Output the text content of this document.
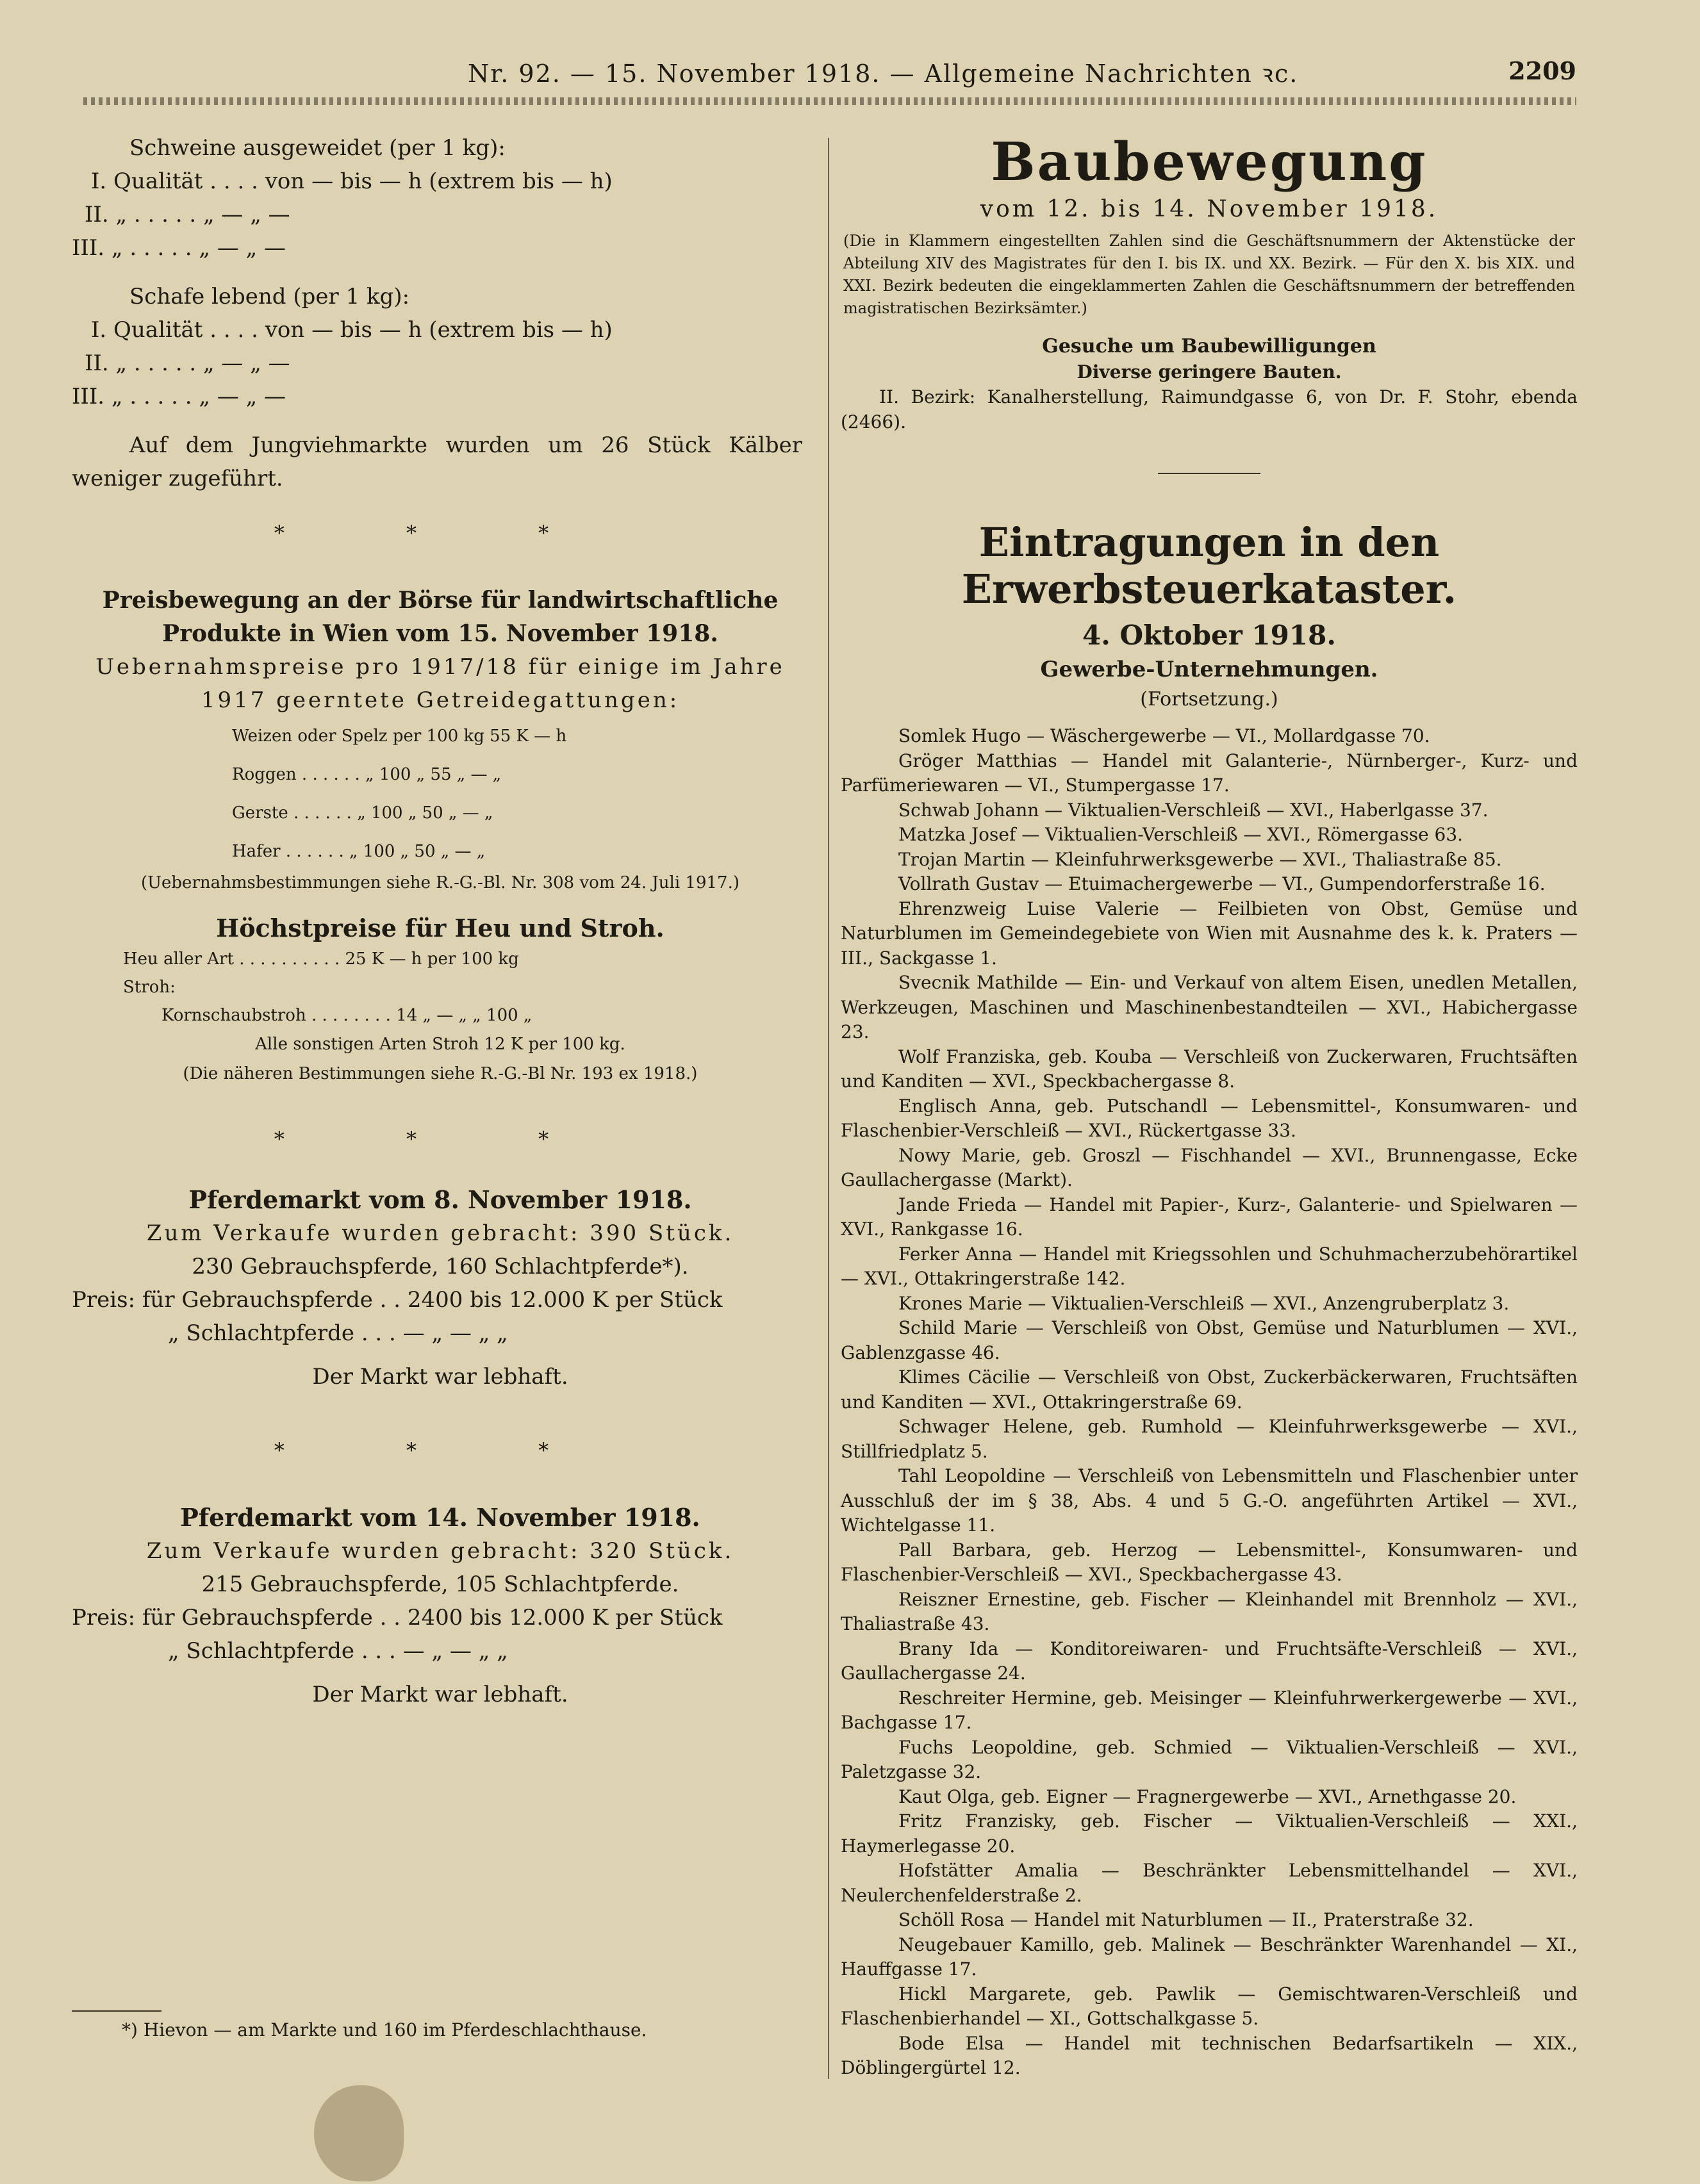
Nr. 92. — 15. November 1918. — Allgemeine Nachrichten ꝛc.	2209
Schweine ausgeweidet (per 1 kg):
I. Qualität . . . . von — bis — h (extrem bis — h)
II. „ . . . . . „ — „ —
III. „ . . . . . „ — „ —
Schafe lebend (per 1 kg):
I. Qualität . . . . von — bis — h (extrem bis — h)
II. „ . . . . . „ — „ —
III. „ . . . . . „ — „ —
Auf dem Jungviehmarkte wurden um 26 Stück Kälber weniger zugeführt.
* * *
Preisbewegung an der Börse für landwirtschaftliche
Produkte in Wien vom 15. November 1918.
Uebernahmspreise pro 1917/18 für einige im Jahre
1917 geerntete Getreidegattungen:
Weizen oder Spelz per 100 kg 55 K — h
Roggen . . . . . . „ 100 „ 55 „ — „
Gerste . . . . . . „ 100 „ 50 „ — „
Hafer . . . . . . „ 100 „ 50 „ — „
(Uebernahmsbestimmungen siehe R.-G.-Bl. Nr. 308 vom 24. Juli 1917.)
Höchstpreise für Heu und Stroh.
Heu aller Art . . . . . . . . . . 25 K — h per 100 kg
Stroh:
Kornschaubstroh . . . . . . . . 14 „ — „ „ 100 „
Alle sonstigen Arten Stroh 12 K per 100 kg.
(Die näheren Bestimmungen siehe R.-G.-Bl Nr. 193 ex 1918.)
* * *
Pferdemarkt vom 8. November 1918.
Zum Verkaufe wurden gebracht: 390 Stück.
230 Gebrauchspferde, 160 Schlachtpferde*).
Preis: für Gebrauchspferde . . 2400 bis 12.000 K per Stück
„ Schlachtpferde . . . — „ — „ „
Der Markt war lebhaft.
* * *
Pferdemarkt vom 14. November 1918.
Zum Verkaufe wurden gebracht: 320 Stück.
215 Gebrauchspferde, 105 Schlachtpferde.
Preis: für Gebrauchspferde . . 2400 bis 12.000 K per Stück
„ Schlachtpferde . . . — „ — „ „
Der Markt war lebhaft.
*) Hievon — am Markte und 160 im Pferdeschlachthause.
Baubewegung
vom 12. bis 14. November 1918.
(Die in Klammern eingestellten Zahlen sind die Geschäftsnummern der Aktenstücke der Abteilung XIV des Magistrates für den I. bis IX. und XX. Bezirk. — Für den X. bis XIX. und XXI. Bezirk bedeuten die eingeklammerten Zahlen die Geschäftsnummern der betreffenden magistratischen Bezirksämter.)
Gesuche um Baubewilligungen
Diverse geringere Bauten.
II. Bezirk: Kanalherstellung, Raimundgasse 6, von Dr. F. Stohr, ebenda (2466).
Eintragungen in den Erwerbsteuerkataster.
4. Oktober 1918.
Gewerbe-Unternehmungen.
(Fortsetzung.)
Somlek Hugo — Wäschergewerbe — VI., Mollardgasse 70.
Gröger Matthias — Handel mit Galanterie-, Nürnberger-, Kurz- und Parfümeriewaren — VI., Stumpergasse 17.
Schwab Johann — Viktualien-Verschleiß — XVI., Haberlgasse 37.
Matzka Josef — Viktualien-Verschleiß — XVI., Römergasse 63.
Trojan Martin — Kleinfuhrwerksgewerbe — XVI., Thaliastraße 85.
Vollrath Gustav — Etuimachergewerbe — VI., Gumpendorferstraße 16.
Ehrenzweig Luise Valerie — Feilbieten von Obst, Gemüse und Naturblumen im Gemeindegebiete von Wien mit Ausnahme des k. k. Praters — III., Sackgasse 1.
Svecnik Mathilde — Ein- und Verkauf von altem Eisen, unedlen Metallen, Werkzeugen, Maschinen und Maschinenbestandteilen — XVI., Habichergasse 23.
Wolf Franziska, geb. Kouba — Verschleiß von Zuckerwaren, Fruchtsäften und Kanditen — XVI., Speckbachergasse 8.
Englisch Anna, geb. Putschandl — Lebensmittel-, Konsumwaren- und Flaschenbier-Verschleiß — XVI., Rückertgasse 33.
Nowy Marie, geb. Groszl — Fischhandel — XVI., Brunnengasse, Ecke Gaullachergasse (Markt).
Jande Frieda — Handel mit Papier-, Kurz-, Galanterie- und Spielwaren — XVI., Rankgasse 16.
Ferker Anna — Handel mit Kriegssohlen und Schuhmacherzubehörartikel — XVI., Ottakringerstraße 142.
Krones Marie — Viktualien-Verschleiß — XVI., Anzengruberplatz 3.
Schild Marie — Verschleiß von Obst, Gemüse und Naturblumen — XVI., Gablenzgasse 46.
Klimes Cäcilie — Verschleiß von Obst, Zuckerbäckerwaren, Fruchtsäften und Kanditen — XVI., Ottakringerstraße 69.
Schwager Helene, geb. Rumhold — Kleinfuhrwerksgewerbe — XVI., Stillfriedplatz 5.
Tahl Leopoldine — Verschleiß von Lebensmitteln und Flaschenbier unter Ausschluß der im § 38, Abs. 4 und 5 G.-O. angeführten Artikel — XVI., Wichtelgasse 11.
Pall Barbara, geb. Herzog — Lebensmittel-, Konsumwaren- und Flaschenbier-Verschleiß — XVI., Speckbachergasse 43.
Reiszner Ernestine, geb. Fischer — Kleinhandel mit Brennholz — XVI., Thaliastraße 43.
Brany Ida — Konditoreiwaren- und Fruchtsäfte-Verschleiß — XVI., Gaullachergasse 24.
Reschreiter Hermine, geb. Meisinger — Kleinfuhrwerkergewerbe — XVI., Bachgasse 17.
Fuchs Leopoldine, geb. Schmied — Viktualien-Verschleiß — XVI., Paletzgasse 32.
Kaut Olga, geb. Eigner — Fragnergewerbe — XVI., Arnethgasse 20.
Fritz Franzisky, geb. Fischer — Viktualien-Verschleiß — XXI., Haymerlegasse 20.
Hofstätter Amalia — Beschränkter Lebensmittelhandel — XVI., Neulerchenfelderstraße 2.
Schöll Rosa — Handel mit Naturblumen — II., Praterstraße 32.
Neugebauer Kamillo, geb. Malinek — Beschränkter Warenhandel — XI., Hauffgasse 17.
Hickl Margarete, geb. Pawlik — Gemischtwaren-Verschleiß und Flaschenbierhandel — XI., Gottschalkgasse 5.
Bode Elsa — Handel mit technischen Bedarfsartikeln — XIX., Döblingergürtel 12.
